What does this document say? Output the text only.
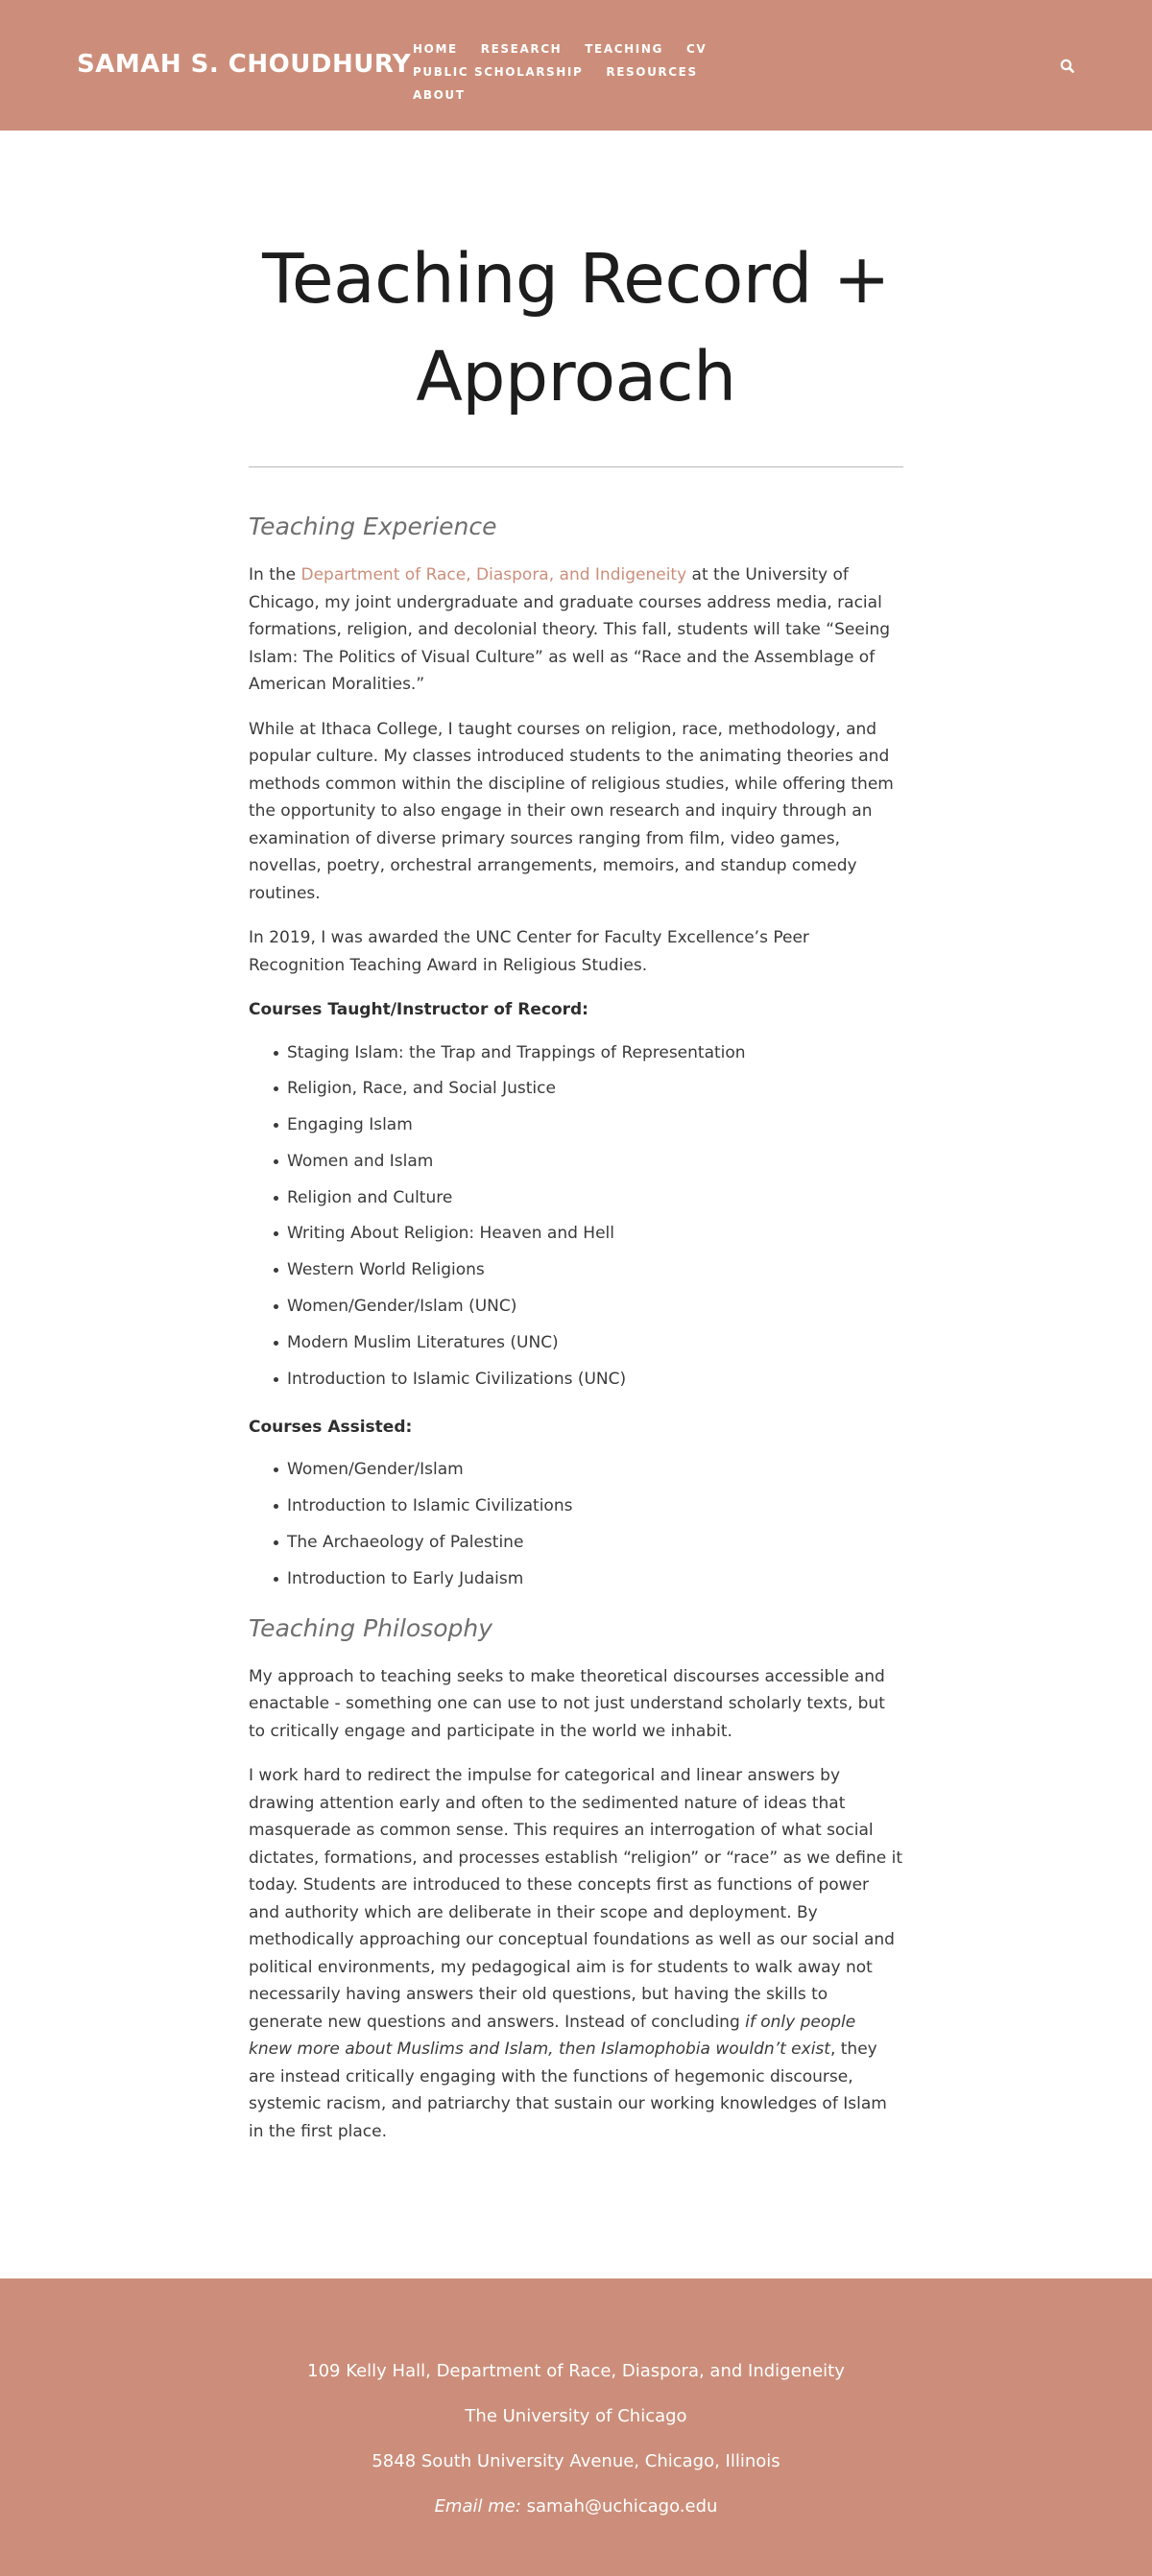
SAMAH S. CHOUDHURY
HOME RESEARCH TEACHING CV
PUBLIC SCHOLARSHIP RESOURCES
ABOUT
Teaching Record + Approach
Teaching Experience

In the Department of Race, Diaspora, and Indigeneity at the University of Chicago, my joint undergraduate and graduate courses address media, racial formations, religion, and decolonial theory. This fall, students will take “Seeing Islam: The Politics of Visual Culture” as well as “Race and the Assemblage of American Moralities.”

While at Ithaca College, I taught courses on religion, race, methodology, and popular culture. My classes introduced students to the animating theories and methods common within the discipline of religious studies, while offering them the opportunity to also engage in their own research and inquiry through an examination of diverse primary sources ranging from film, video games, novellas, poetry, orchestral arrangements, memoirs, and standup comedy routines.

In 2019, I was awarded the UNC Center for Faculty Excellence’s Peer Recognition Teaching Award in Religious Studies.

Courses Taught/Instructor of Record:

Staging Islam: the Trap and Trappings of Representation
Religion, Race, and Social Justice
Engaging Islam
Women and Islam
Religion and Culture
Writing About Religion: Heaven and Hell
Western World Religions
Women/Gender/Islam (UNC)
Modern Muslim Literatures (UNC)
Introduction to Islamic Civilizations (UNC)

Courses Assisted:

Women/Gender/Islam
Introduction to Islamic Civilizations
The Archaeology of Palestine
Introduction to Early Judaism
Teaching Philosophy

My approach to teaching seeks to make theoretical discourses accessible and enactable - something one can use to not just understand scholarly texts, but to critically engage and participate in the world we inhabit.

I work hard to redirect the impulse for categorical and linear answers by drawing attention early and often to the sedimented nature of ideas that masquerade as common sense. This requires an interrogation of what social dictates, formations, and processes establish “religion” or “race” as we define it today. Students are introduced to these concepts first as functions of power and authority which are deliberate in their scope and deployment. By methodically approaching our conceptual foundations as well as our social and political environments, my pedagogical aim is for students to walk away not necessarily having answers their old questions, but having the skills to generate new questions and answers. Instead of concluding if only people knew more about Muslims and Islam, then Islamophobia wouldn’t exist, they are instead critically engaging with the functions of hegemonic discourse, systemic racism, and patriarchy that sustain our working knowledges of Islam in the first place.

109 Kelly Hall, Department of Race, Diaspora, and Indigeneity

The University of Chicago

5848 South University Avenue, Chicago, Illinois

Email me: samah@uchicago.edu
